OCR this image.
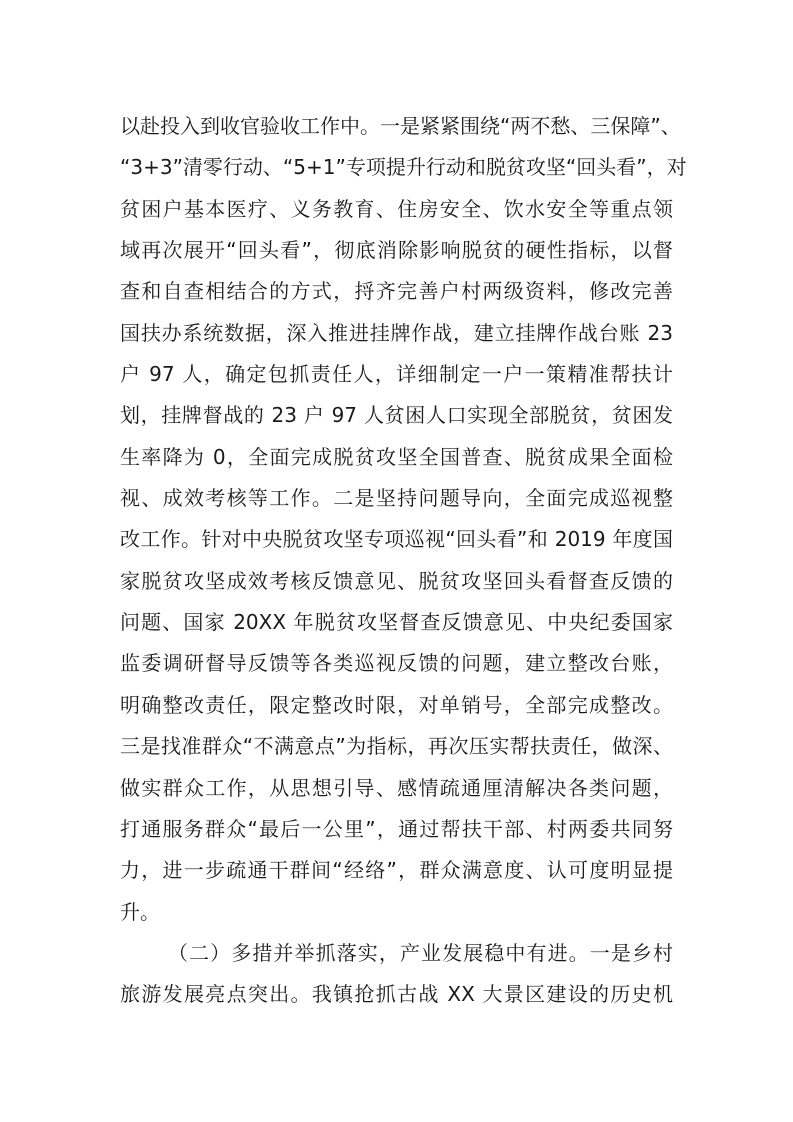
以赴投入到收官验收工作中。一是紧紧围绕“两不愁、三保障”、
“3+3”清零行动、“5+1”专项提升行动和脱贫攻坚“回头看”，对
贫困户基本医疗、义务教育、住房安全、饮水安全等重点领
域再次展开“回头看”，彻底消除影响脱贫的硬性指标，以督
查和自查相结合的方式，捋齐完善户村两级资料，修改完善
国扶办系统数据，深入推进挂牌作战，建立挂牌作战台账 23
户 97 人，确定包抓责任人，详细制定一户一策精准帮扶计
划，挂牌督战的 23 户 97 人贫困人口实现全部脱贫，贫困发
生率降为 0，全面完成脱贫攻坚全国普查、脱贫成果全面检
视、成效考核等工作。二是坚持问题导向，全面完成巡视整
改工作。针对中央脱贫攻坚专项巡视“回头看”和 2019 年度国
家脱贫攻坚成效考核反馈意见、脱贫攻坚回头看督查反馈的
问题、国家 20XX 年脱贫攻坚督查反馈意见、中央纪委国家
监委调研督导反馈等各类巡视反馈的问题，建立整改台账，
明确整改责任，限定整改时限，对单销号，全部完成整改。
三是找准群众“不满意点”为指标，再次压实帮扶责任，做深、
做实群众工作，从思想引导、感情疏通厘清解决各类问题，
打通服务群众“最后一公里”，通过帮扶干部、村两委共同努
力，进一步疏通干群间“经络”，群众满意度、认可度明显提
升。
（二）多措并举抓落实，产业发展稳中有进。一是乡村
旅游发展亮点突出。我镇抢抓古战 XX 大景区建设的历史机
